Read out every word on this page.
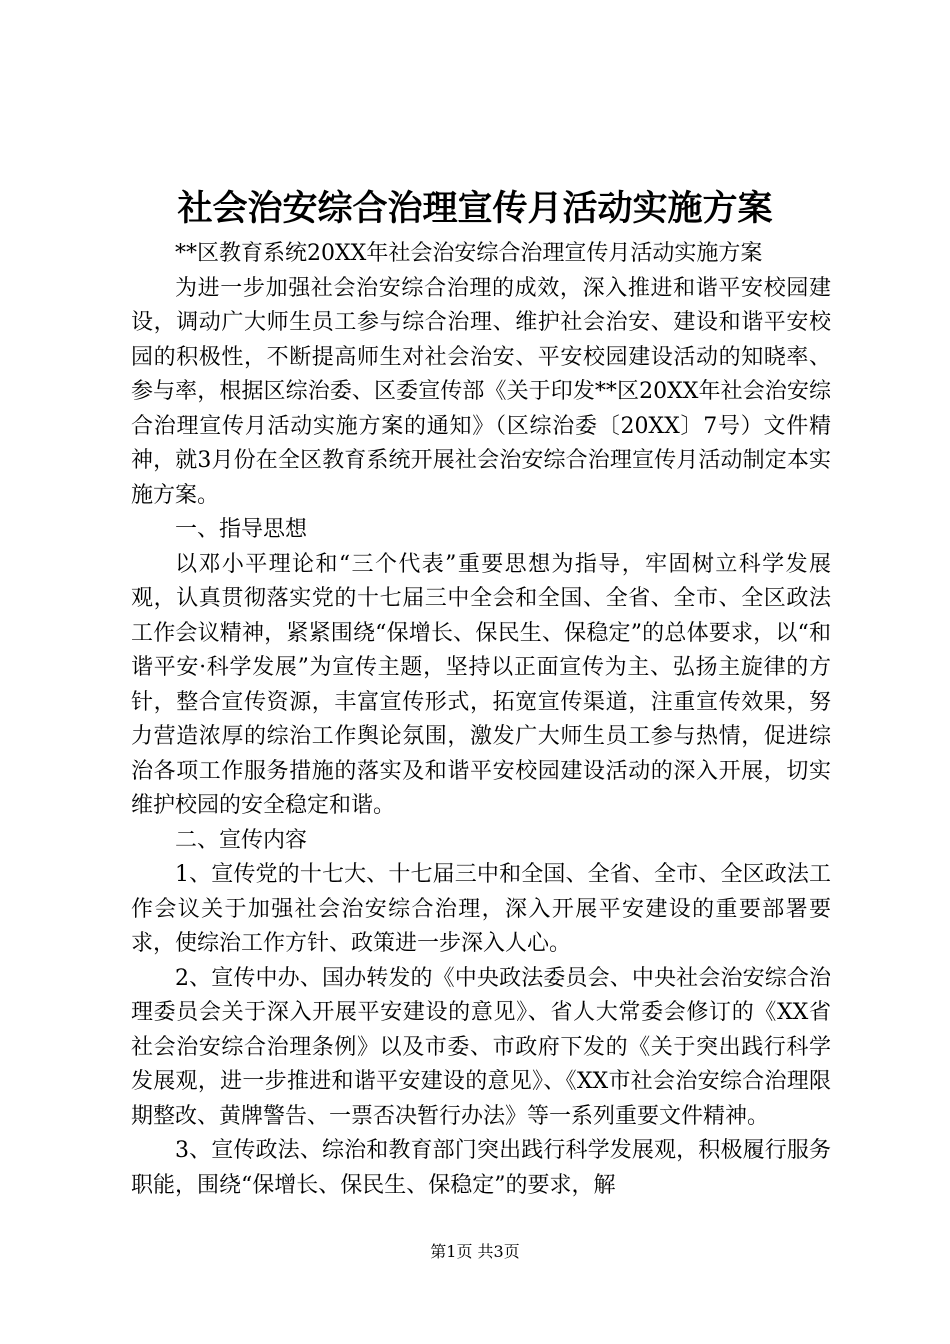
社会治安综合治理宣传月活动实施方案

**区教育系统20XX年社会治安综合治理宣传月活动实施方案

为进一步加强社会治安综合治理的成效，深入推进和谐平安校园建设，调动广大师生员工参与综合治理、维护社会治安、建设和谐平安校园的积极性，不断提高师生对社会治安、平安校园建设活动的知晓率、参与率，根据区综治委、区委宣传部《关于印发**区20XX年社会治安综合治理宣传月活动实施方案的通知》（区综治委〔20XX〕7号）文件精神，就3月份在全区教育系统开展社会治安综合治理宣传月活动制定本实施方案。

一、指导思想

以邓小平理论和“三个代表”重要思想为指导，牢固树立科学发展观，认真贯彻落实党的十七届三中全会和全国、全省、全市、全区政法工作会议精神，紧紧围绕“保增长、保民生、保稳定”的总体要求，以“和谐平安·科学发展”为宣传主题，坚持以正面宣传为主、弘扬主旋律的方针，整合宣传资源，丰富宣传形式，拓宽宣传渠道，注重宣传效果，努力营造浓厚的综治工作舆论氛围，激发广大师生员工参与热情，促进综治各项工作服务措施的落实及和谐平安校园建设活动的深入开展，切实维护校园的安全稳定和谐。

二、宣传内容

1、宣传党的十七大、十七届三中和全国、全省、全市、全区政法工作会议关于加强社会治安综合治理，深入开展平安建设的重要部署要求，使综治工作方针、政策进一步深入人心。

2、宣传中办、国办转发的《中央政法委员会、中央社会治安综合治理委员会关于深入开展平安建设的意见》、省人大常委会修订的《XX省社会治安综合治理条例》以及市委、市政府下发的《关于突出践行科学发展观，进一步推进和谐平安建设的意见》、《XX市社会治安综合治理限期整改、黄牌警告、一票否决暂行办法》等一系列重要文件精神。

3、宣传政法、综治和教育部门突出践行科学发展观，积极履行服务职能，围绕“保增长、保民生、保稳定”的要求，解

第1页 共3页
